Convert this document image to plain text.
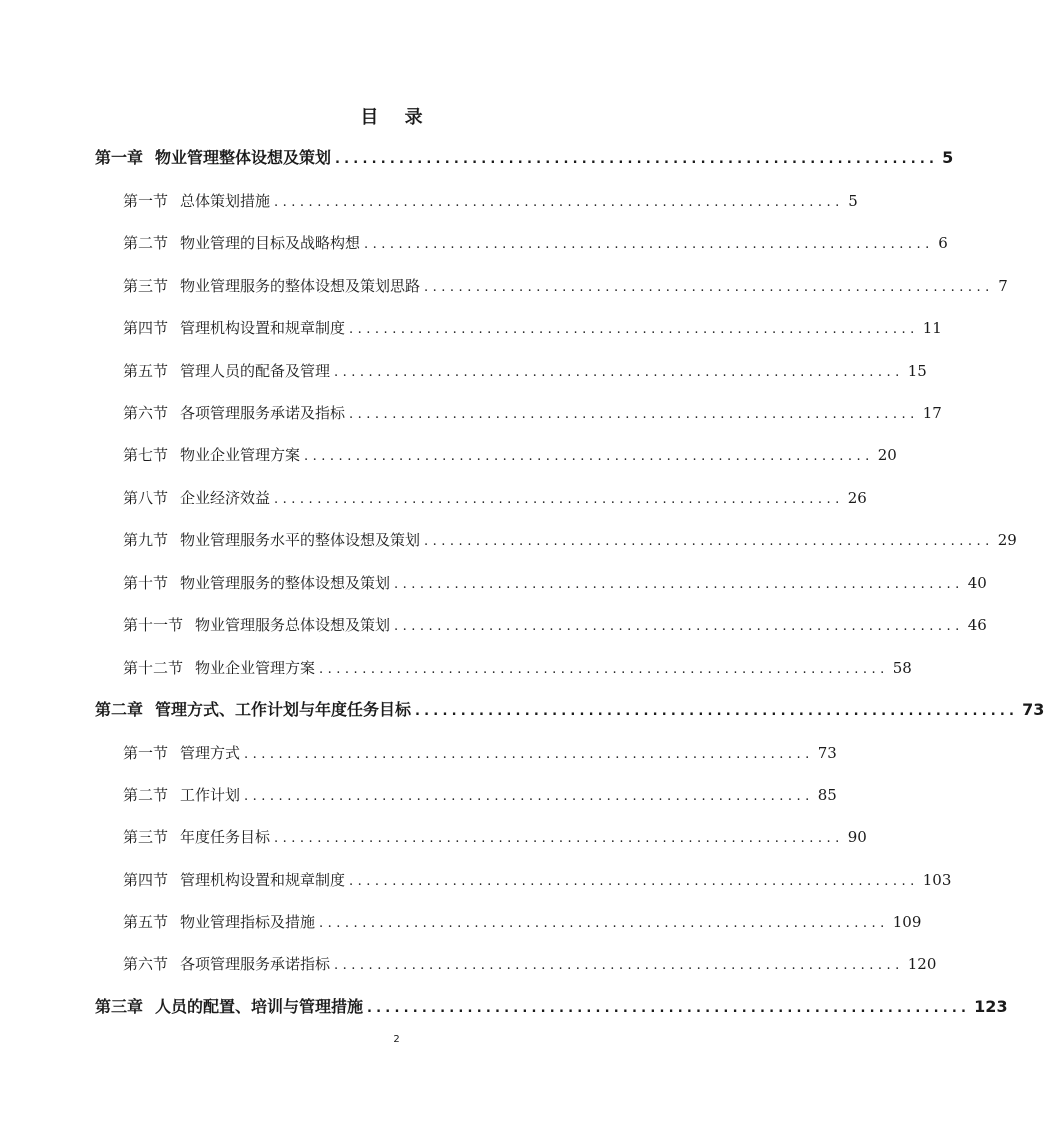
目 录
第一章 物业管理整体设想及策划 .................................................................. 5
第一节 总体策划措施 .................................................................. 5
第二节 物业管理的目标及战略构想 .................................................................. 6
第三节 物业管理服务的整体设想及策划思路 .................................................................. 7
第四节 管理机构设置和规章制度 .................................................................. 11
第五节 管理人员的配备及管理 .................................................................. 15
第六节 各项管理服务承诺及指标 .................................................................. 17
第七节 物业企业管理方案 .................................................................. 20
第八节 企业经济效益 .................................................................. 26
第九节 物业管理服务水平的整体设想及策划 .................................................................. 29
第十节 物业管理服务的整体设想及策划 .................................................................. 40
第十一节 物业管理服务总体设想及策划 .................................................................. 46
第十二节 物业企业管理方案 .................................................................. 58
第二章 管理方式、工作计划与年度任务目标 .................................................................. 73
第一节 管理方式 .................................................................. 73
第二节 工作计划 .................................................................. 85
第三节 年度任务目标 .................................................................. 90
第四节 管理机构设置和规章制度 .................................................................. 103
第五节 物业管理指标及措施 .................................................................. 109
第六节 各项管理服务承诺指标 .................................................................. 120
第三章 人员的配置、培训与管理措施 .................................................................. 123
2
